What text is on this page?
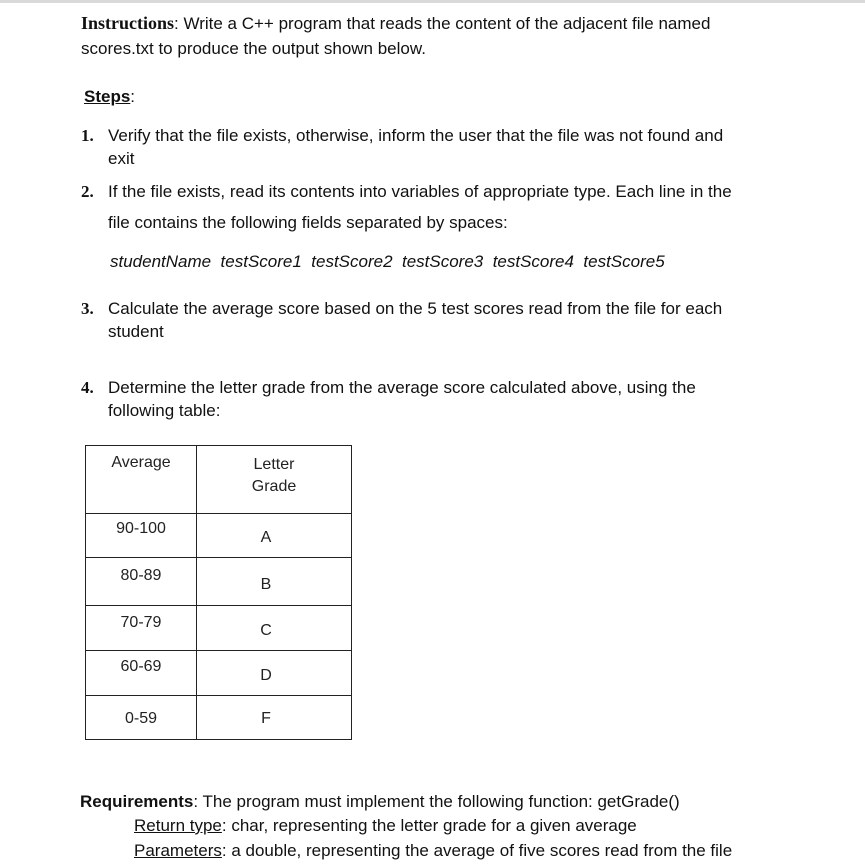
Instructions: Write a C++ program that reads the content of the adjacent file named
scores.txt to produce the output shown below.
Steps:
1. Verify that the file exists, otherwise, inform the user that the file was not found and
exit
2. If the file exists, read its contents into variables of appropriate type. Each line in the
file contains the following fields separated by spaces:
studentName  testScore1  testScore2  testScore3  testScore4  testScore5
3. Calculate the average score based on the 5 test scores read from the file for each
student
4. Determine the letter grade from the average score calculated above, using the
following table:
Average	Letter
Grade

90-100	A

80-89	B

70-79	C

60-69	D

0-59	F
Requirements: The program must implement the following function: getGrade()
Return type: char, representing the letter grade for a given average
Parameters: a double, representing the average of five scores read from the file
